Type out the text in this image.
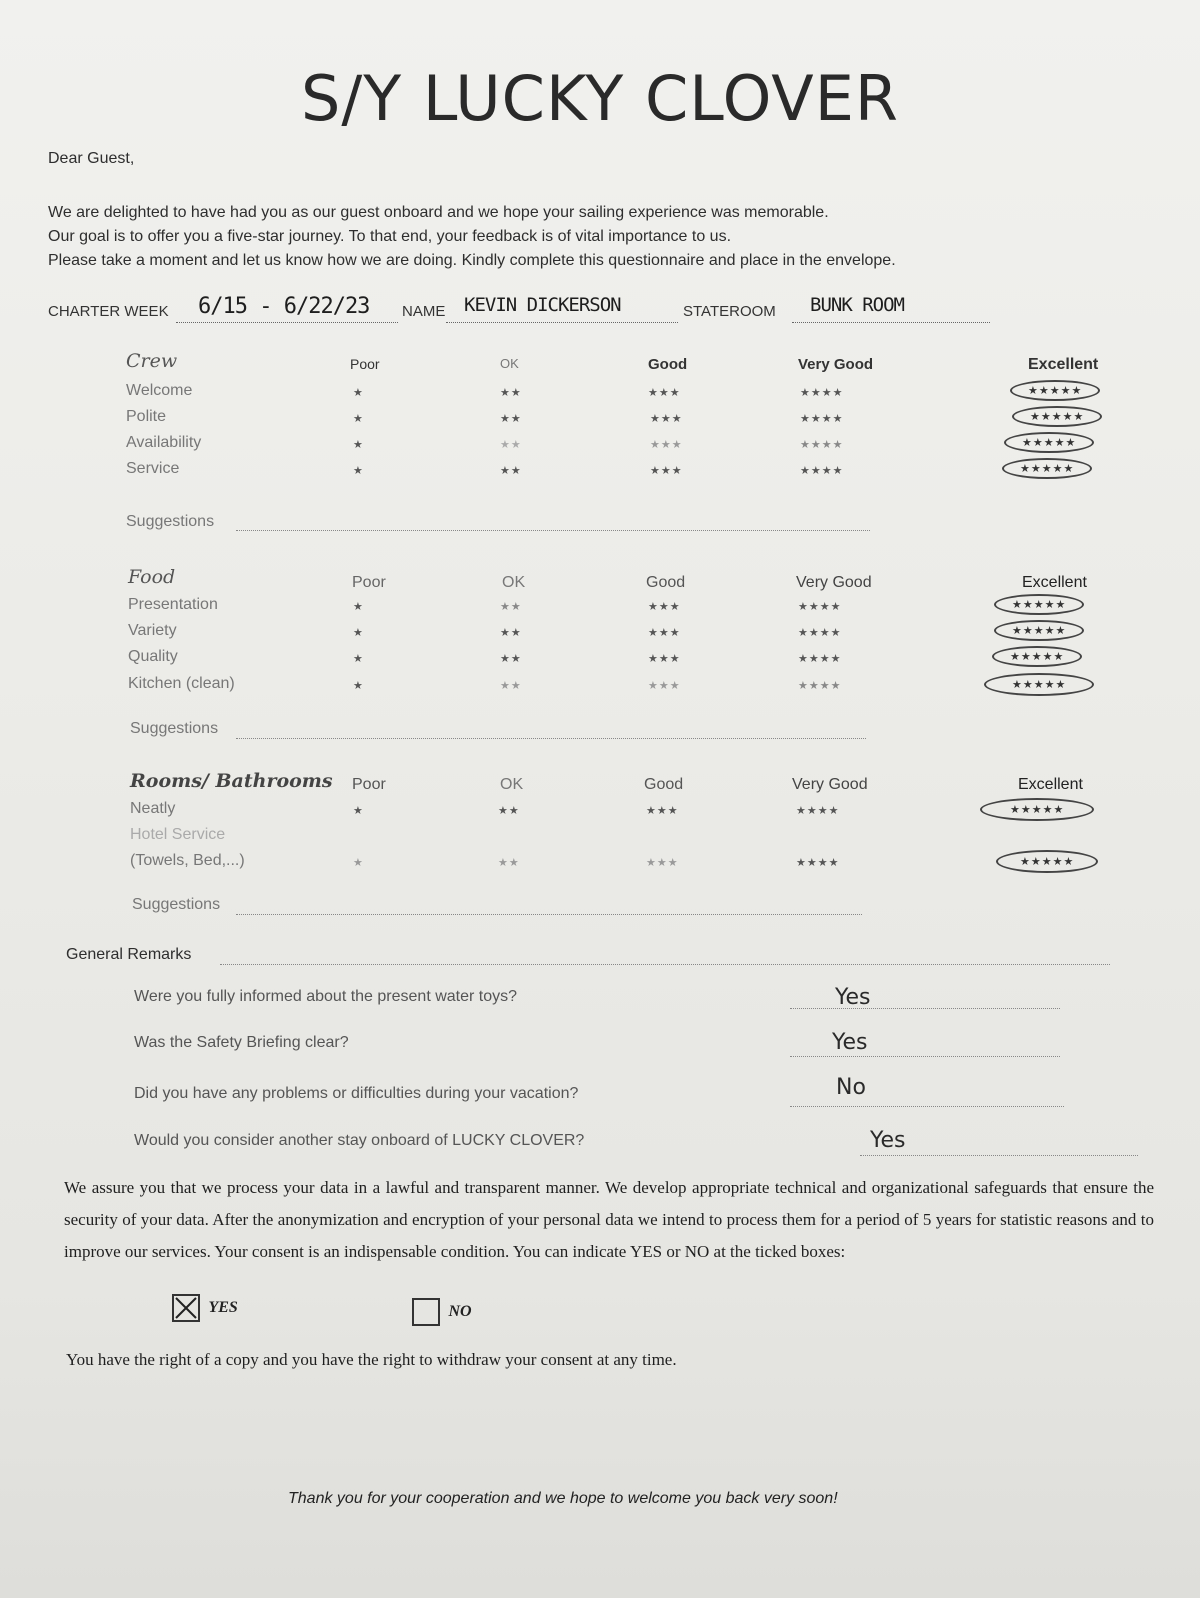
S/Y LUCKY CLOVER
Dear Guest,
We are delighted to have had you as our guest onboard and we hope your sailing experience was memorable.
Our goal is to offer you a five-star journey. To that end, your feedback is of vital importance to us.
Please take a moment and let us know how we are doing. Kindly complete this questionnaire and place in the envelope.
CHARTER WEEK 6/15 - 6/22/23 NAME KEVIN DICKERSON	STATEROOM BUNK ROOM
Crew	Poor	OK	Good	Very Good	Excellent
Welcome	★	★★	★★★	★★★★	★★★★★
Polite	★	★★	★★★	★★★★	★★★★★
Availability	★	★★	★★★	★★★★	★★★★★
Service	★	★★	★★★	★★★★	★★★★★
Suggestions
Food	Poor	OK	Good	Very Good	Excellent
Presentation	★	★★	★★★	★★★★	★★★★★
Variety	★	★★	★★★	★★★★	★★★★★
Quality	★	★★	★★★	★★★★	★★★★★
Kitchen (clean)	★	★★	★★★	★★★★	★★★★★
Suggestions
Rooms/ Bathrooms Poor	OK	Good	Very Good	Excellent
Neatly	★	★★	★★★	★★★★	★★★★★
Hotel Service
(Towels, Bed,...)	★	★★	★★★	★★★★	★★★★★
Suggestions
General Remarks
Were you fully informed about the present water toys?	Yes
Was the Safety Briefing clear?	Yes
Did you have any problems or difficulties during your vacation?	No
Would you consider another stay onboard of LUCKY CLOVER?	Yes
We assure you that we process your data in a lawful and transparent manner. We develop appropriate technical and organizational safeguards that ensure the security of your data. After the anonymization and encryption of your personal data we intend to process them for a period of 5 years for statistic reasons and to improve our services. Your consent is an indispensable condition. You can indicate YES or NO at the ticked boxes:
YES	NO
You have the right of a copy and you have the right to withdraw your consent at any time.
Thank you for your cooperation and we hope to welcome you back very soon!
